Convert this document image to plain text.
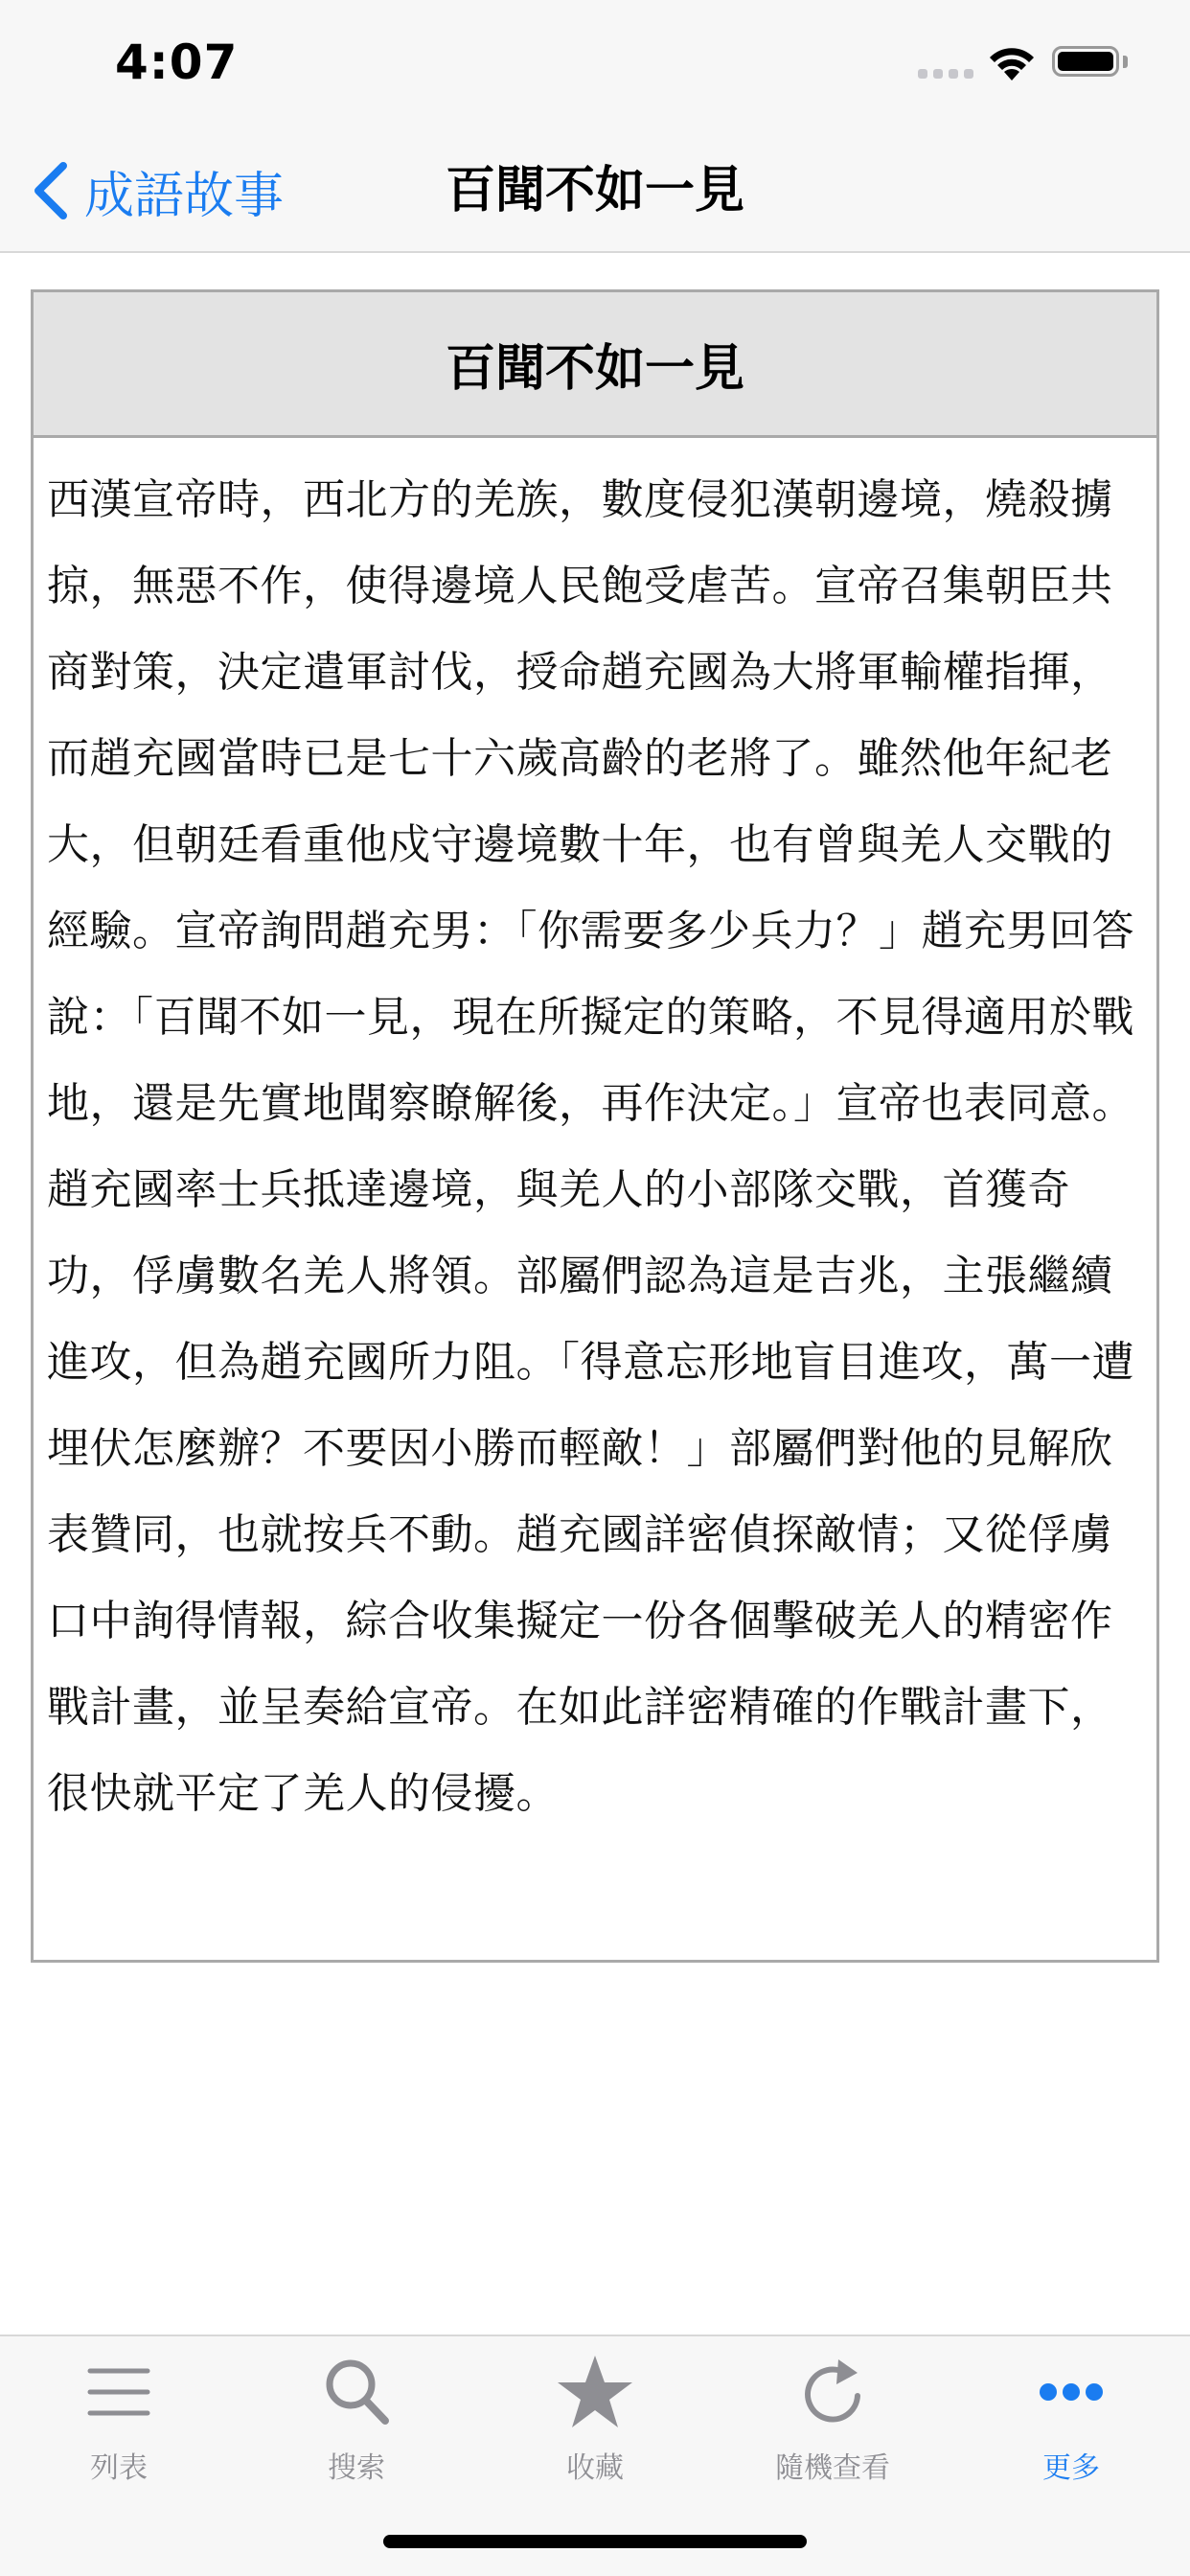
4:07
成語故事	百聞不如一見
百聞不如一見
西漢宣帝時，西北方的羌族，數度侵犯漢朝邊境，燒殺擄掠，無惡不作，使得邊境人民飽受虐苦。宣帝召集朝臣共商對策，決定遣軍討伐，授命趙充國為大將軍輸權指揮，而趙充國當時已是七十六歲高齡的老將了。雖然他年紀老大，但朝廷看重他戍守邊境數十年，也有曾與羌人交戰的經驗。宣帝詢問趙充男：「你需要多少兵力？」趙充男回答說：「百聞不如一見，現在所擬定的策略，不見得適用於戰地，還是先實地聞察瞭解後，再作決定。」宣帝也表同意。趙充國率士兵抵達邊境，與羌人的小部隊交戰，首獲奇功，俘虜數名羌人將領。部屬們認為這是吉兆，主張繼續進攻，但為趙充國所力阻。「得意忘形地盲目進攻，萬一遭埋伏怎麼辦？不要因小勝而輕敵！」部屬們對他的見解欣表贊同，也就按兵不動。趙充國詳密偵探敵情；又從俘虜口中詢得情報，綜合收集擬定一份各個擊破羌人的精密作戰計畫，並呈奏給宣帝。在如此詳密精確的作戰計畫下，很快就平定了羌人的侵擾。
列表	搜索	收藏	隨機查看	更多
